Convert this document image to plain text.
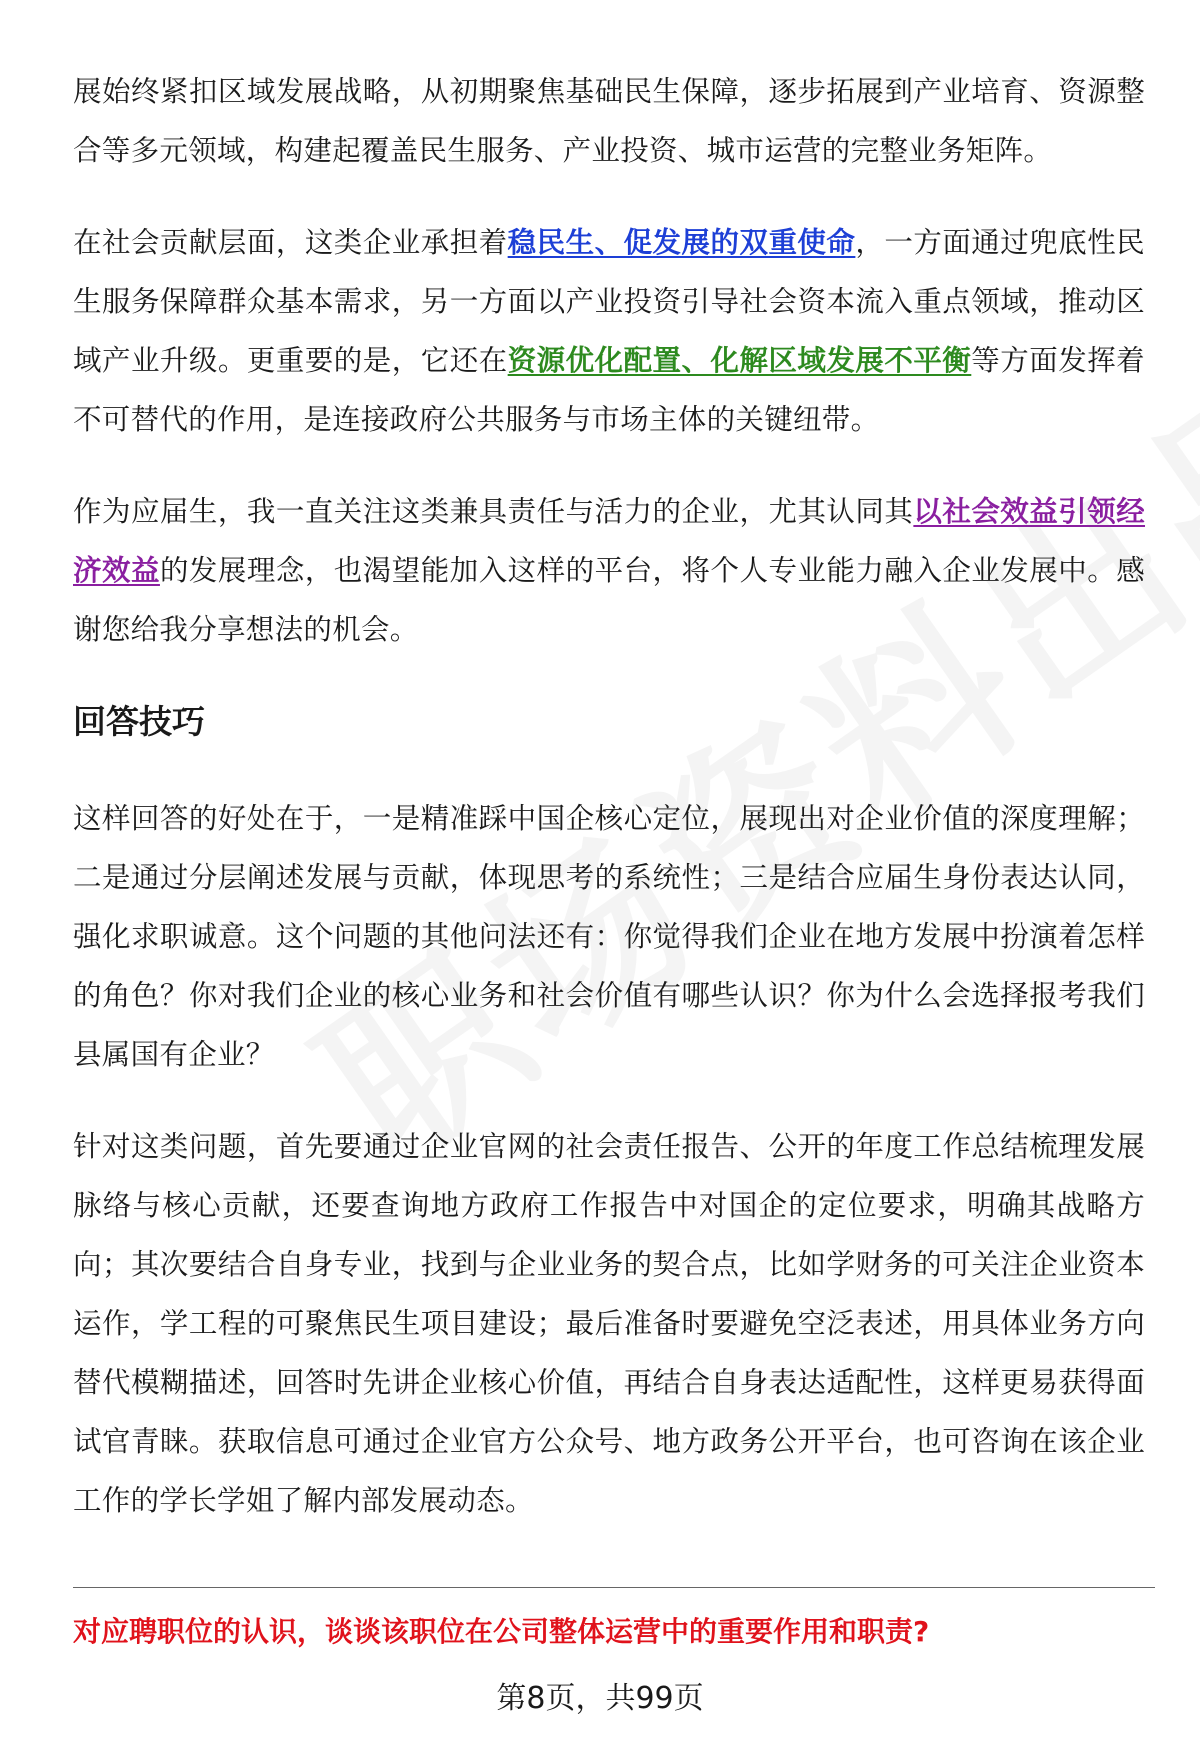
展始终紧扣区域发展战略，从初期聚焦基础民生保障，逐步拓展到产业培育、资源整合等多元领域，构建起覆盖民生服务、产业投资、城市运营的完整业务矩阵。

在社会贡献层面，这类企业承担着稳民生、促发展的双重使命，一方面通过兜底性民生服务保障群众基本需求，另一方面以产业投资引导社会资本流入重点领域，推动区域产业升级。更重要的是，它还在资源优化配置、化解区域发展不平衡等方面发挥着不可替代的作用，是连接政府公共服务与市场主体的关键纽带。

作为应届生，我一直关注这类兼具责任与活力的企业，尤其认同其以社会效益引领经济效益的发展理念，也渴望能加入这样的平台，将个人专业能力融入企业发展中。感谢您给我分享想法的机会。

回答技巧

这样回答的好处在于，一是精准踩中国企核心定位，展现出对企业价值的深度理解；二是通过分层阐述发展与贡献，体现思考的系统性；三是结合应届生身份表达认同，强化求职诚意。这个问题的其他问法还有：你觉得我们企业在地方发展中扮演着怎样的角色？你对我们企业的核心业务和社会价值有哪些认识？你为什么会选择报考我们县属国有企业？

针对这类问题，首先要通过企业官网的社会责任报告、公开的年度工作总结梳理发展脉络与核心贡献，还要查询地方政府工作报告中对国企的定位要求，明确其战略方向；其次要结合自身专业，找到与企业业务的契合点，比如学财务的可关注企业资本运作，学工程的可聚焦民生项目建设；最后准备时要避免空泛表述，用具体业务方向替代模糊描述，回答时先讲企业核心价值，再结合自身表达适配性，这样更易获得面试官青睐。获取信息可通过企业官方公众号、地方政务公开平台，也可咨询在该企业工作的学长学姐了解内部发展动态。

对应聘职位的认识，谈谈该职位在公司整体运营中的重要作用和职责?
第8页，共99页
